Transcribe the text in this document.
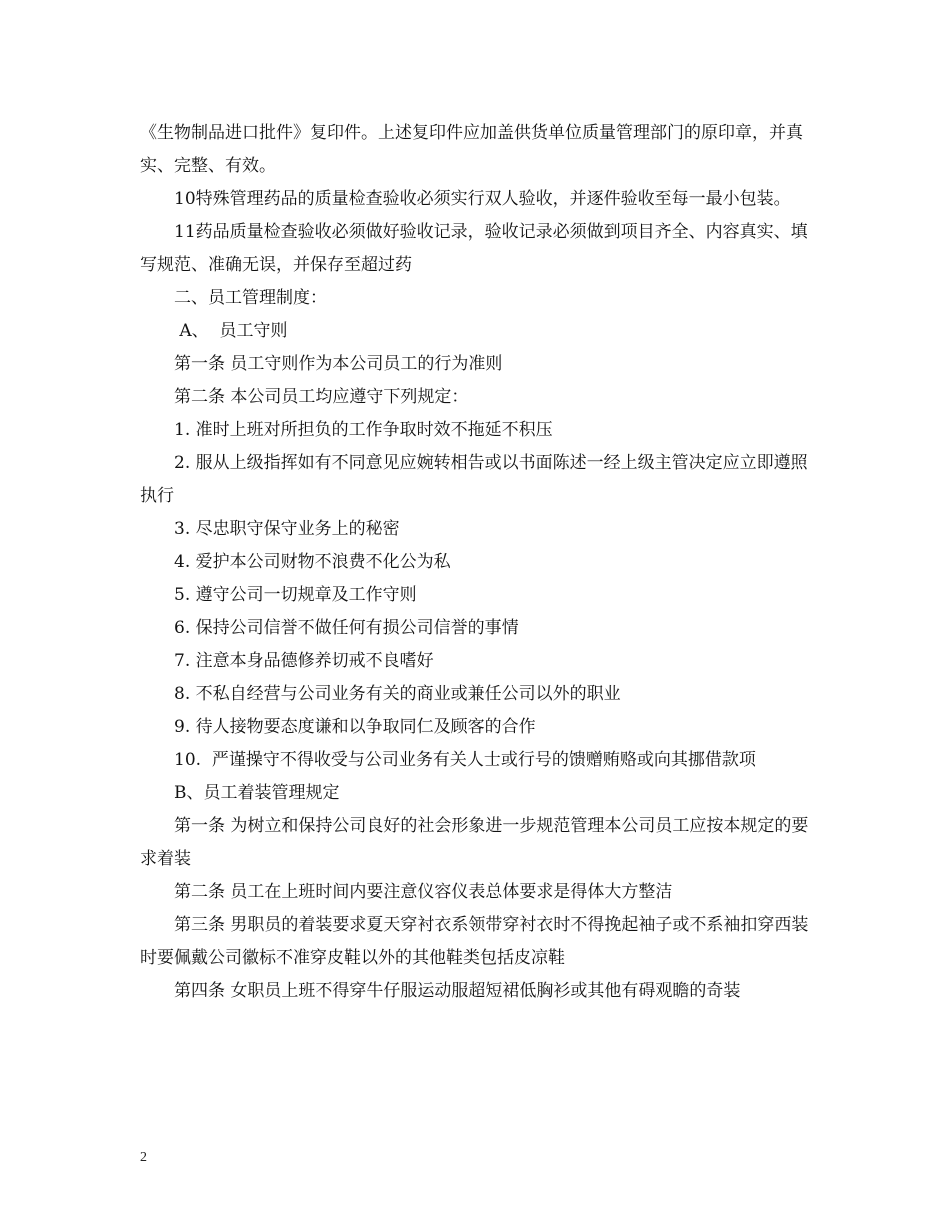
《生物制品进口批件》复印件。上述复印件应加盖供货单位质量管理部门的原印章，并真实、完整、有效。

10特殊管理药品的质量检查验收必须实行双人验收，并逐件验收至每一最小包装。

11药品质量检查验收必须做好验收记录，验收记录必须做到项目齐全、内容真实、填写规范、准确无误，并保存至超过药

二、员工管理制度：

A、  员工守则

第一条 员工守则作为本公司员工的行为准则

第二条 本公司员工均应遵守下列规定：

1. 准时上班对所担负的工作争取时效不拖延不积压

2. 服从上级指挥如有不同意见应婉转相告或以书面陈述一经上级主管决定应立即遵照执行

3. 尽忠职守保守业务上的秘密

4. 爱护本公司财物不浪费不化公为私

5. 遵守公司一切规章及工作守则

6. 保持公司信誉不做任何有损公司信誉的事情

7. 注意本身品德修养切戒不良嗜好

8. 不私自经营与公司业务有关的商业或兼任公司以外的职业

9. 待人接物要态度谦和以争取同仁及顾客的合作

10.  严谨操守不得收受与公司业务有关人士或行号的馈赠贿赂或向其挪借款项

B、员工着装管理规定

第一条 为树立和保持公司良好的社会形象进一步规范管理本公司员工应按本规定的要求着装

第二条 员工在上班时间内要注意仪容仪表总体要求是得体大方整洁

第三条 男职员的着装要求夏天穿衬衣系领带穿衬衣时不得挽起袖子或不系袖扣穿西装时要佩戴公司徽标不准穿皮鞋以外的其他鞋类包括皮凉鞋

第四条 女职员上班不得穿牛仔服运动服超短裙低胸衫或其他有碍观瞻的奇装

2
